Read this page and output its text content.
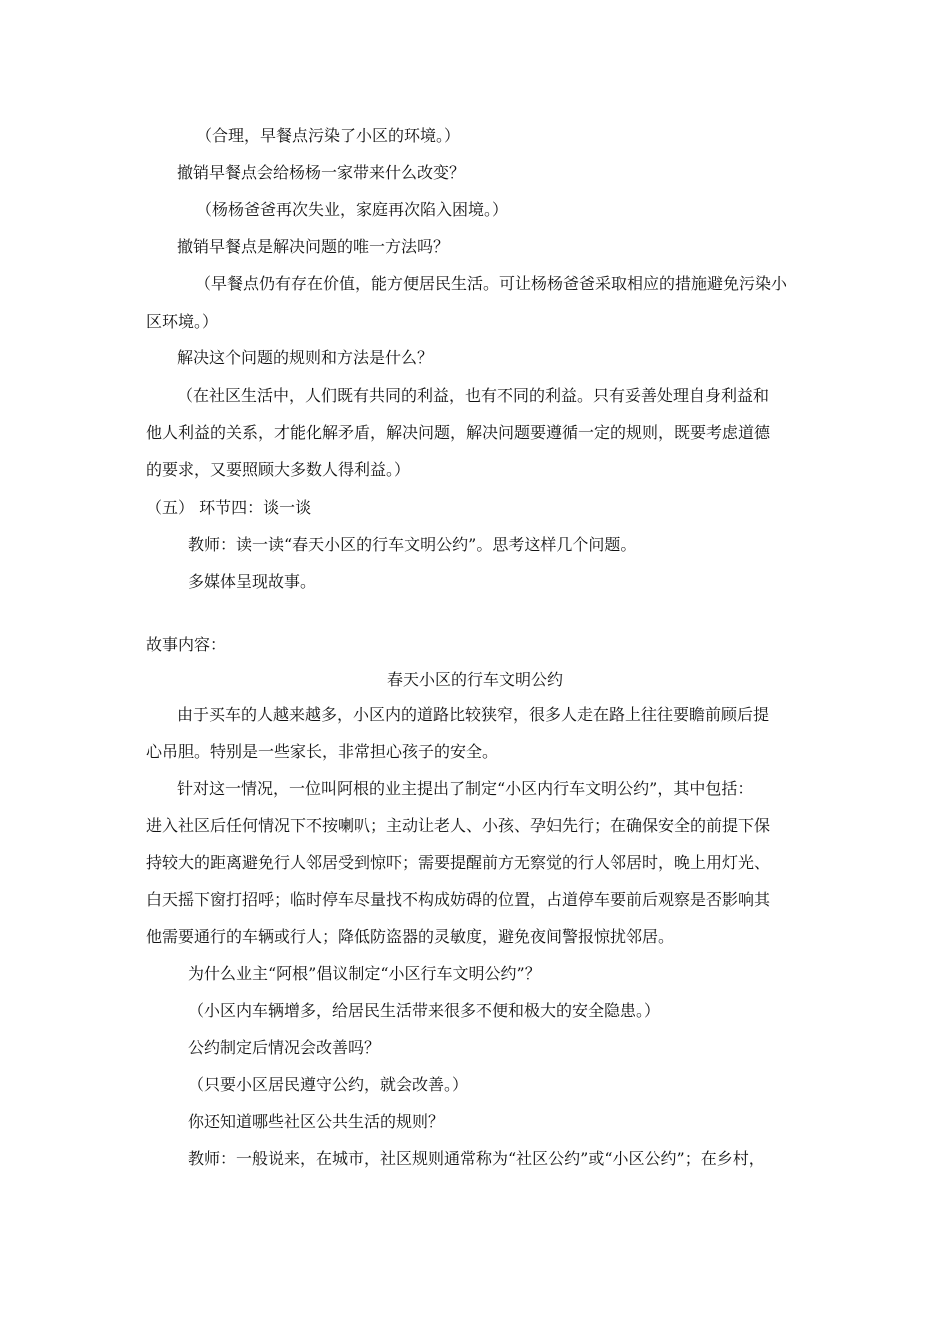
（合理，早餐点污染了小区的环境。）
撤销早餐点会给杨杨一家带来什么改变？
（杨杨爸爸再次失业，家庭再次陷入困境。）
撤销早餐点是解决问题的唯一方法吗？
（早餐点仍有存在价值，能方便居民生活。可让杨杨爸爸采取相应的措施避免污染小
区环境。）
解决这个问题的规则和方法是什么？
（在社区生活中，人们既有共同的利益，也有不同的利益。只有妥善处理自身利益和
他人利益的关系，才能化解矛盾，解决问题，解决问题要遵循一定的规则，既要考虑道德
的要求，又要照顾大多数人得利益。）
（五） 环节四：谈一谈
教师：读一读“春天小区的行车文明公约”。思考这样几个问题。
多媒体呈现故事。
故事内容：
春天小区的行车文明公约
由于买车的人越来越多，小区内的道路比较狭窄，很多人走在路上往往要瞻前顾后提
心吊胆。特别是一些家长，非常担心孩子的安全。
针对这一情况，一位叫阿根的业主提出了制定“小区内行车文明公约”，其中包括：
进入社区后任何情况下不按喇叭；主动让老人、小孩、孕妇先行；在确保安全的前提下保
持较大的距离避免行人邻居受到惊吓；需要提醒前方无察觉的行人邻居时，晚上用灯光、
白天摇下窗打招呼；临时停车尽量找不构成妨碍的位置，占道停车要前后观察是否影响其
他需要通行的车辆或行人；降低防盗器的灵敏度，避免夜间警报惊扰邻居。
为什么业主“阿根”倡议制定“小区行车文明公约”？
（小区内车辆增多，给居民生活带来很多不便和极大的安全隐患。）
公约制定后情况会改善吗？
（只要小区居民遵守公约，就会改善。）
你还知道哪些社区公共生活的规则？
教师：一般说来，在城市，社区规则通常称为“社区公约”或“小区公约”；在乡村，
